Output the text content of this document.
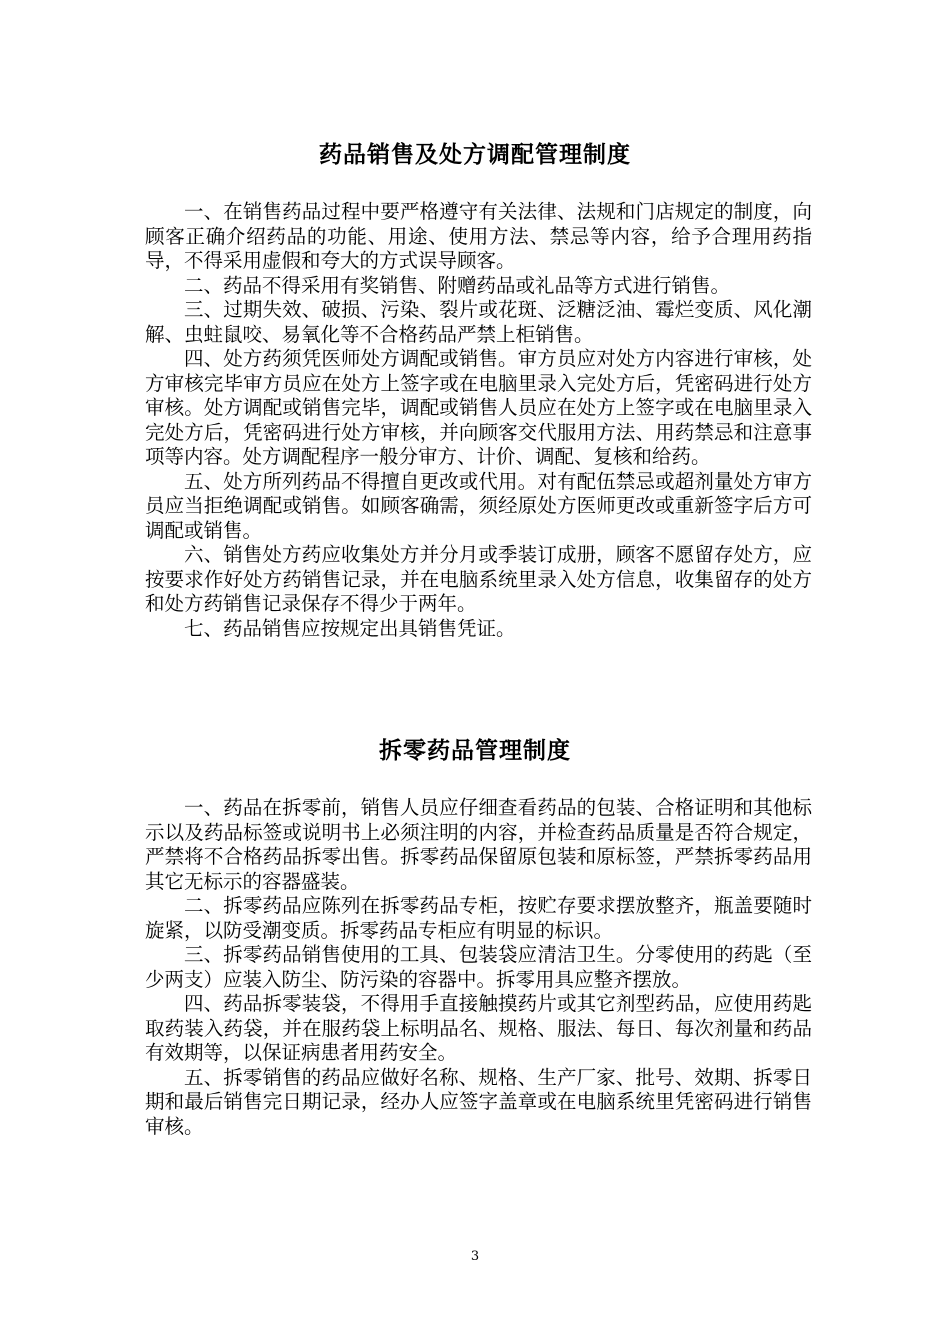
药品销售及处方调配管理制度

一、在销售药品过程中要严格遵守有关法律、法规和门店规定的制度，向顾客正确介绍药品的功能、用途、使用方法、禁忌等内容，给予合理用药指导，不得采用虚假和夸大的方式误导顾客。

二、药品不得采用有奖销售、附赠药品或礼品等方式进行销售。

三、过期失效、破损、污染、裂片或花斑、泛糖泛油、霉烂变质、风化潮解、虫蛀鼠咬、易氧化等不合格药品严禁上柜销售。

四、处方药须凭医师处方调配或销售。审方员应对处方内容进行审核，处方审核完毕审方员应在处方上签字或在电脑里录入完处方后，凭密码进行处方审核。处方调配或销售完毕，调配或销售人员应在处方上签字或在电脑里录入完处方后，凭密码进行处方审核，并向顾客交代服用方法、用药禁忌和注意事项等内容。处方调配程序一般分审方、计价、调配、复核和给药。

五、处方所列药品不得擅自更改或代用。对有配伍禁忌或超剂量处方审方员应当拒绝调配或销售。如顾客确需，须经原处方医师更改或重新签字后方可调配或销售。

六、销售处方药应收集处方并分月或季装订成册，顾客不愿留存处方，应按要求作好处方药销售记录，并在电脑系统里录入处方信息，收集留存的处方和处方药销售记录保存不得少于两年。

七、药品销售应按规定出具销售凭证。

拆零药品管理制度

一、药品在拆零前，销售人员应仔细查看药品的包装、合格证明和其他标示以及药品标签或说明书上必须注明的内容，并检查药品质量是否符合规定，严禁将不合格药品拆零出售。拆零药品保留原包装和原标签，严禁拆零药品用其它无标示的容器盛装。

二、拆零药品应陈列在拆零药品专柜，按贮存要求摆放整齐，瓶盖要随时旋紧，以防受潮变质。拆零药品专柜应有明显的标识。

三、拆零药品销售使用的工具、包装袋应清洁卫生。分零使用的药匙（至少两支）应装入防尘、防污染的容器中。拆零用具应整齐摆放。

四、药品拆零装袋，不得用手直接触摸药片或其它剂型药品，应使用药匙取药装入药袋，并在服药袋上标明品名、规格、服法、每日、每次剂量和药品有效期等，以保证病患者用药安全。

五、拆零销售的药品应做好名称、规格、生产厂家、批号、效期、拆零日期和最后销售完日期记录，经办人应签字盖章或在电脑系统里凭密码进行销售审核。

3
